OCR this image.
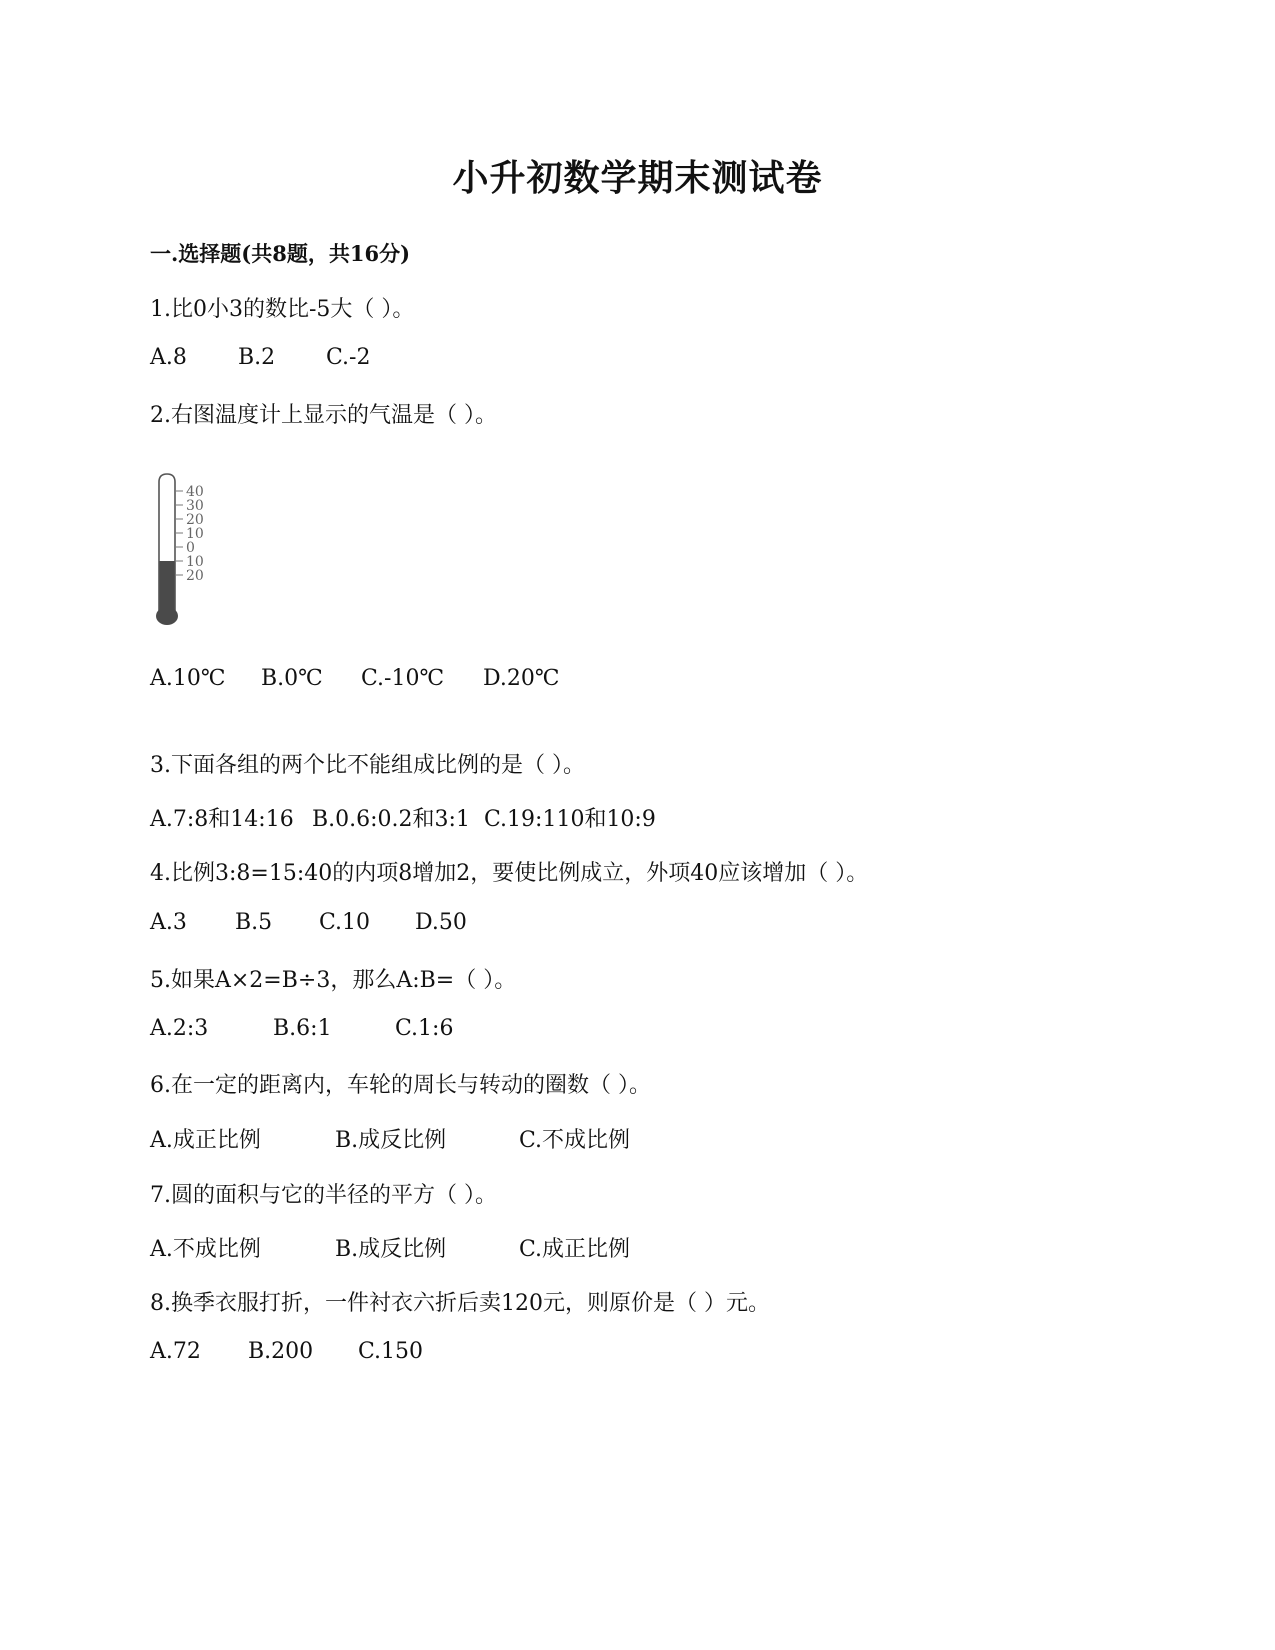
小升初数学期末测试卷
一.选择题(共8题，共16分)
1.比0小3的数比-5大（ ）。
A.8 B.2 C.-2
2.右图温度计上显示的气温是（ ）。
40
30
20
10
0
10
20
A.10℃ B.0℃ C.-10℃ D.20℃
3.下面各组的两个比不能组成比例的是（ ）。
A.7:8和14:16 B.0.6:0.2和3:1 C.19:110和10:9
4.比例3:8=15:40的内项8增加2，要使比例成立，外项40应该增加（ ）。
A.3 B.5 C.10 D.50
5.如果A×2=B÷3，那么A:B=（ ）。
A.2:3	B.6:1	C.1:6
6.在一定的距离内，车轮的周长与转动的圈数（ ）。
A.成正比例	B.成反比例	C.不成比例
7.圆的面积与它的半径的平方（ ）。
A.不成比例	B.成反比例	C.成正比例
8.换季衣服打折，一件衬衣六折后卖120元，则原价是（ ）元。
A.72 B.200 C.150
